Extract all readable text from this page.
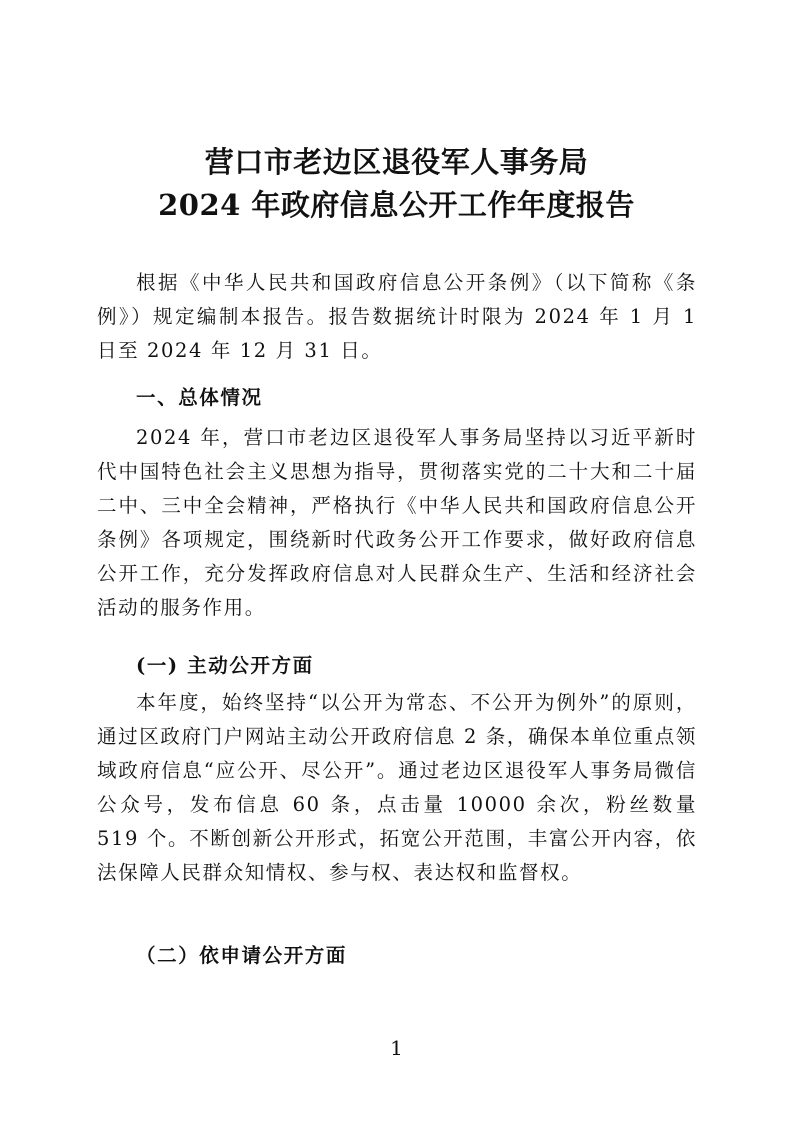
营口市老边区退役军人事务局
2024 年政府信息公开工作年度报告

根据《中华人民共和国政府信息公开条例》（以下简称《条例》）规定编制本报告。报告数据统计时限为 2024 年 1 月 1 日至 2024 年 12 月 31 日。

一、总体情况

2024 年，营口市老边区退役军人事务局坚持以习近平新时代中国特色社会主义思想为指导，贯彻落实党的二十大和二十届二中、三中全会精神，严格执行《中华人民共和国政府信息公开条例》各项规定，围绕新时代政务公开工作要求，做好政府信息公开工作，充分发挥政府信息对人民群众生产、生活和经济社会活动的服务作用。

(一) 主动公开方面

本年度，始终坚持“以公开为常态、不公开为例外”的原则，通过区政府门户网站主动公开政府信息 2 条，确保本单位重点领域政府信息“应公开、尽公开”。通过老边区退役军人事务局微信公众号，发布信息 60 条，点击量 10000 余次，粉丝数量 519 个。不断创新公开形式，拓宽公开范围，丰富公开内容，依法保障人民群众知情权、参与权、表达权和监督权。

（二）依申请公开方面
1
